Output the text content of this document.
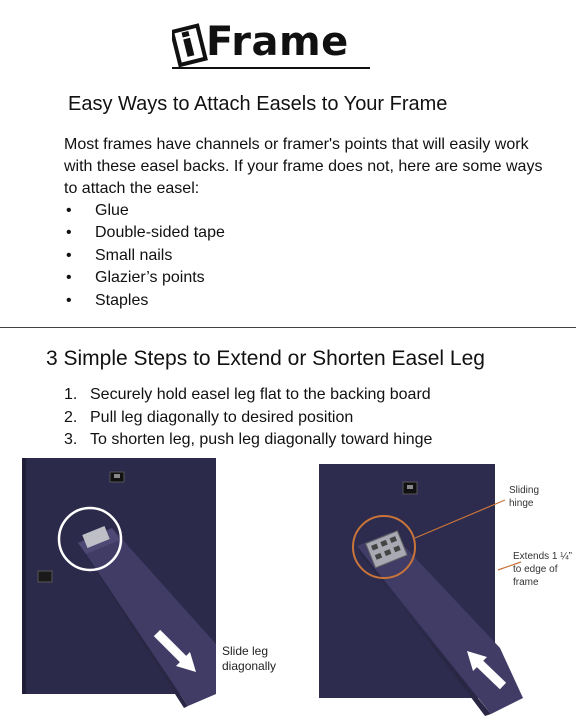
Frame
Easy Ways to Attach Easels to Your Frame
Most frames have channels or framer's points that will easily work with these easel backs. If your frame does not, here are some ways to attach the easel:
• Glue
• Double-sided tape
• Small nails
• Glazier’s points
• Staples
3 Simple Steps to Extend or Shorten Easel Leg
1. Securely hold easel leg flat to the backing board
2. Pull leg diagonally to desired position
3. To shorten leg, push leg diagonally toward hinge
Slide leg
diagonally
Sliding
hinge
Extends 1 ¼”
to edge of
frame
